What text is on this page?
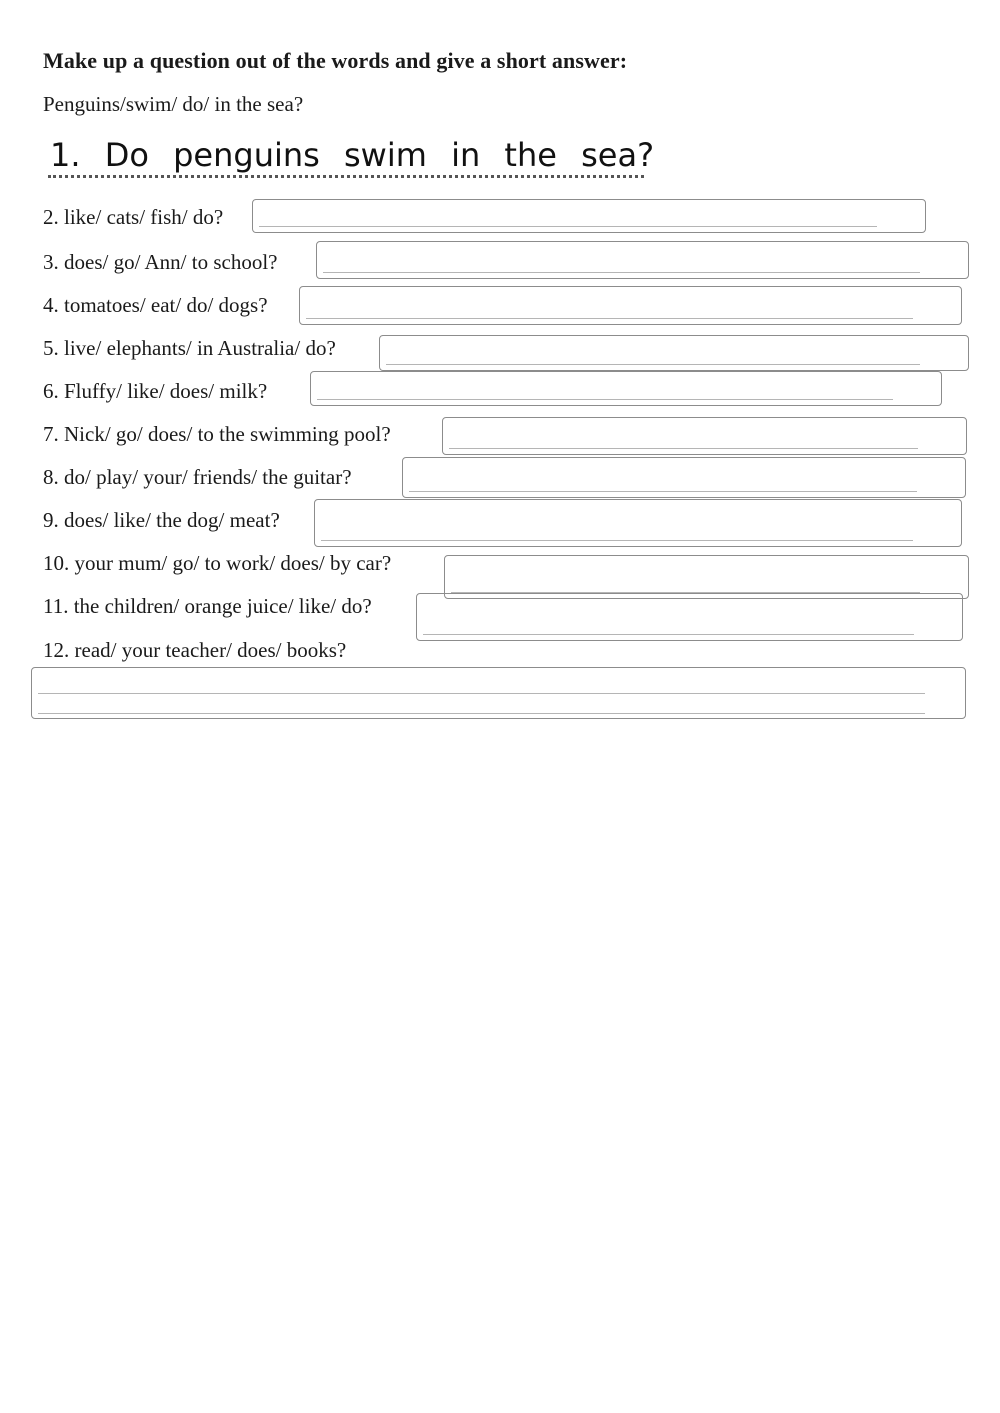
Make up a question out of the words and give a short answer:
Penguins/swim/ do/ in the sea?
1. Do penguins swim in the sea?
2. like/ cats/ fish/ do?
3. does/ go/ Ann/ to school?
4. tomatoes/ eat/ do/ dogs?
5. live/ elephants/ in Australia/ do?
6. Fluffy/ like/ does/ milk?
7. Nick/ go/ does/ to the swimming pool?
8. do/ play/ your/ friends/ the guitar?
9. does/ like/ the dog/ meat?
10. your mum/ go/ to work/ does/ by car?
11. the children/ orange juice/ like/ do?
12. read/ your teacher/ does/ books?
